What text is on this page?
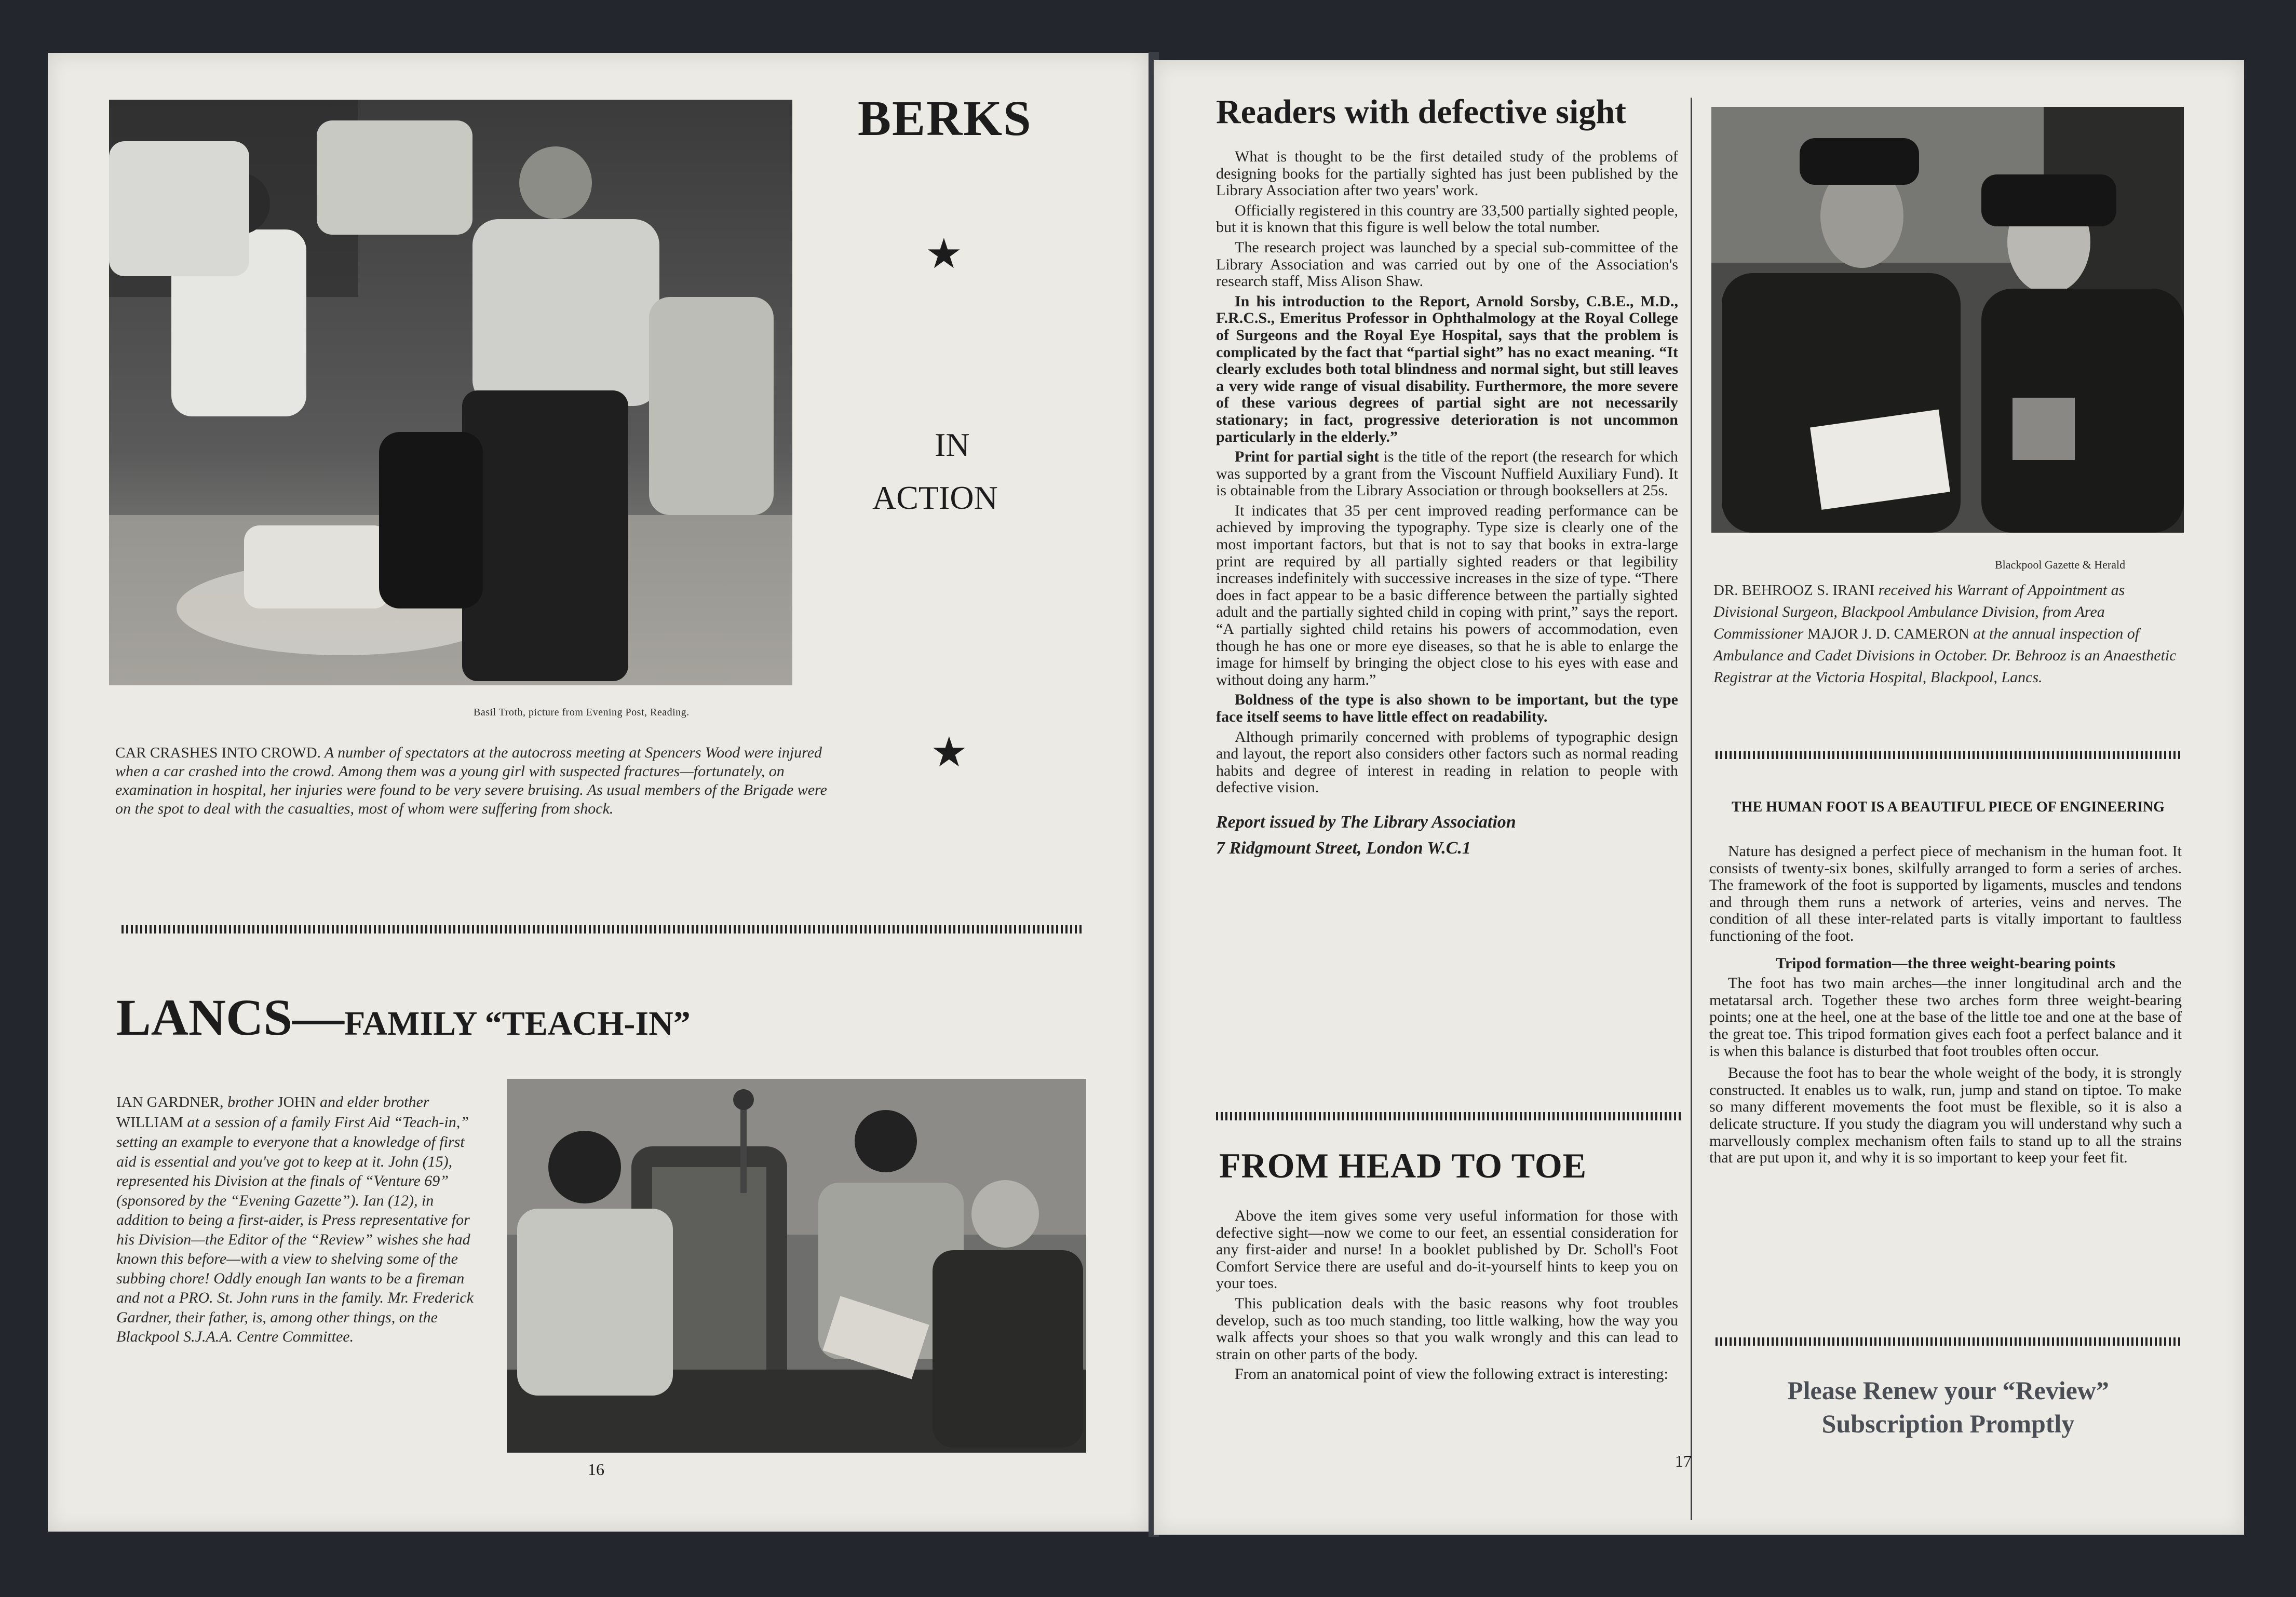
Basil Troth, picture from Evening Post, Reading.
BERKS
★
IN
ACTION
★
CAR CRASHES INTO CROWD. A number of spectators at the autocross meeting at Spencers Wood were injured when a car crashed into the crowd. Among them was a young girl with suspected fractures—fortunately, on examination in hospital, her injuries were found to be very severe bruising. As usual members of the Brigade were on the spot to deal with the casualties, most of whom were suffering from shock.
LANCS—FAMILY “TEACH-IN”
IAN GARDNER, brother JOHN and elder brother WILLIAM at a session of a family First Aid “Teach-in,” setting an example to everyone that a knowledge of first aid is essential and you've got to keep at it. John (15), represented his Division at the finals of “Venture 69” (sponsored by the “Evening Gazette”). Ian (12), in addition to being a first-aider, is Press representative for his Division—the Editor of the “Review” wishes she had known this before—with a view to shelving some of the subbing chore! Oddly enough Ian wants to be a fireman and not a PRO. St. John runs in the family. Mr. Frederick Gardner, their father, is, among other things, on the Blackpool S.J.A.A. Centre Committee.
16
Readers with defective sight

What is thought to be the first detailed study of the problems of designing books for the partially sighted has just been published by the Library Association after two years' work.

Officially registered in this country are 33,500 partially sighted people, but it is known that this figure is well below the total number.

The research project was launched by a special sub-committee of the Library Association and was carried out by one of the Association's research staff, Miss Alison Shaw.

In his introduction to the Report, Arnold Sorsby, C.B.E., M.D., F.R.C.S., Emeritus Professor in Ophthalmology at the Royal College of Surgeons and the Royal Eye Hospital, says that the problem is complicated by the fact that “partial sight” has no exact meaning. “It clearly excludes both total blindness and normal sight, but still leaves a very wide range of visual disability. Furthermore, the more severe of these various degrees of partial sight are not necessarily stationary; in fact, progressive deterioration is not uncommon particularly in the elderly.”

Print for partial sight is the title of the report (the research for which was supported by a grant from the Viscount Nuffield Auxiliary Fund). It is obtainable from the Library Association or through booksellers at 25s.

It indicates that 35 per cent improved reading performance can be achieved by improving the typography. Type size is clearly one of the most important factors, but that is not to say that books in extra-large print are required by all partially sighted readers or that legibility increases indefinitely with successive increases in the size of type. “There does in fact appear to be a basic difference between the partially sighted adult and the partially sighted child in coping with print,” says the report. “A partially sighted child retains his powers of accommodation, even though he has one or more eye diseases, so that he is able to enlarge the image for himself by bringing the object close to his eyes with ease and without doing any harm.”

Boldness of the type is also shown to be important, but the type face itself seems to have little effect on readability.

Although primarily concerned with problems of typographic design and layout, the report also considers other factors such as normal reading habits and degree of interest in reading in relation to people with defective vision.

Report issued by The Library Association

7 Ridgmount Street, London W.C.1

FROM HEAD TO TOE

Above the item gives some very useful information for those with defective sight—now we come to our feet, an essential consideration for any first-aider and nurse! In a booklet published by Dr. Scholl's Foot Comfort Service there are useful and do-it-yourself hints to keep you on your toes.

This publication deals with the basic reasons why foot troubles develop, such as too much standing, too little walking, how the way you walk affects your shoes so that you walk wrongly and this can lead to strain on other parts of the body.

From an anatomical point of view the following extract is interesting:

17
Blackpool Gazette & Herald
DR. BEHROOZ S. IRANI received his Warrant of Appointment as Divisional Surgeon, Blackpool Ambulance Division, from Area Commissioner MAJOR J. D. CAMERON at the annual inspection of Ambulance and Cadet Divisions in October. Dr. Behrooz is an Anaesthetic Registrar at the Victoria Hospital, Blackpool, Lancs.
THE HUMAN FOOT IS A BEAUTIFUL PIECE OF ENGINEERING

Nature has designed a perfect piece of mechanism in the human foot. It consists of twenty-six bones, skilfully arranged to form a series of arches. The framework of the foot is supported by ligaments, muscles and tendons and through them runs a network of arteries, veins and nerves. The condition of all these inter-related parts is vitally important to faultless functioning of the foot.

Tripod formation—the three weight-bearing points

The foot has two main arches—the inner longitudinal arch and the metatarsal arch. Together these two arches form three weight-bearing points; one at the heel, one at the base of the little toe and one at the base of the great toe. This tripod formation gives each foot a perfect balance and it is when this balance is disturbed that foot troubles often occur.

Because the foot has to bear the whole weight of the body, it is strongly constructed. It enables us to walk, run, jump and stand on tiptoe. To make so many different movements the foot must be flexible, so it is also a delicate structure. If you study the diagram you will understand why such a marvellously complex mechanism often fails to stand up to all the strains that are put upon it, and why it is so important to keep your feet fit.

Please Renew your “Review”
Subscription Promptly
